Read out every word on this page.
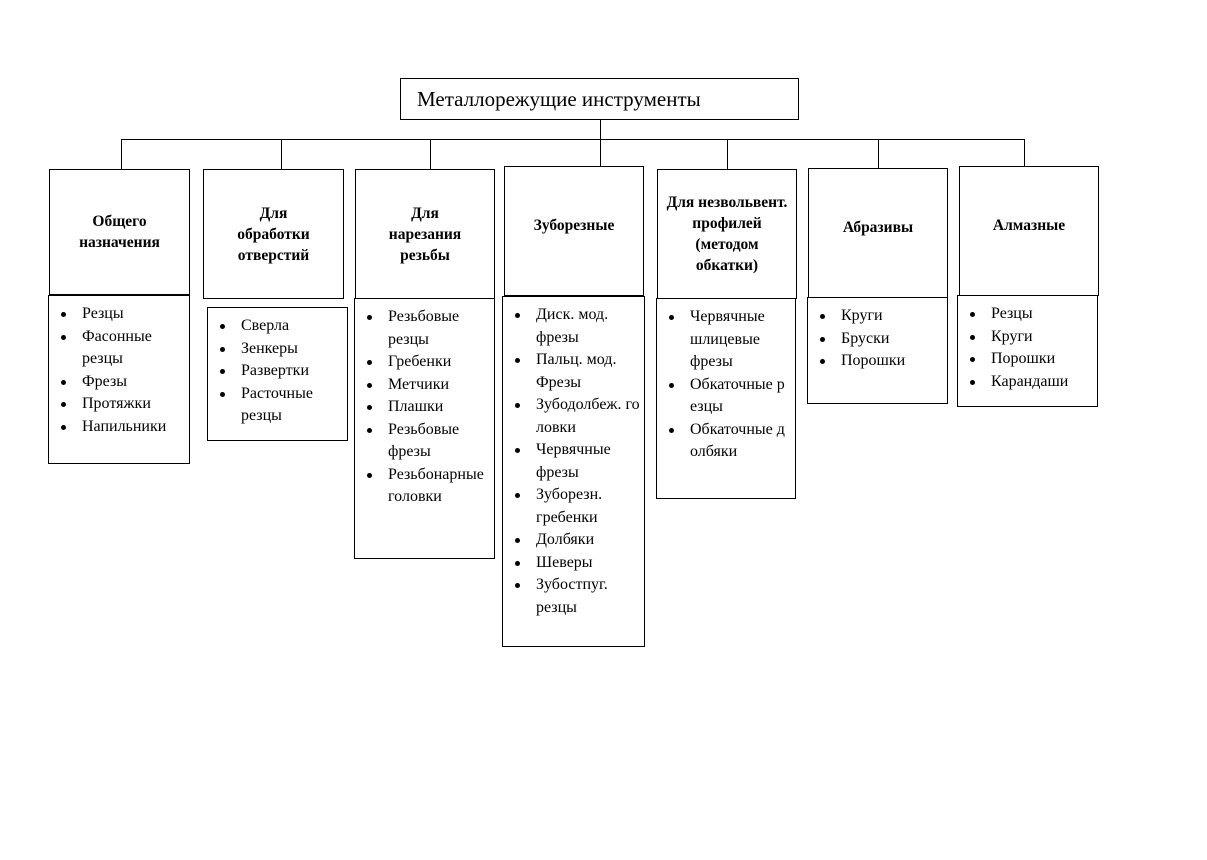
Металлорежущие инструменты
Общего назначения
Резцы
Фасонные резцы
Фрезы
Протяжки
Напильники
Для обработки отверстий
Сверла
Зенкеры
Развертки
Расточные резцы
Для нарезания резьбы
Резьбовые резцы
Гребенки
Метчики
Плашки
Резьбовые фрезы
Резьбонарные головки
Зуборезные
Диск. мод. фрезы
Пальц. мод. Фрезы
Зубодолбеж. головки
Червячные фрезы
Зуборезн. гребенки
Долбяки
Шеверы
Зубостпуг. резцы
Для незвольвент. профилей (методом обкатки)
Червячные шлицевые фрезы
Обкаточные резцы
Обкаточные долбяки
Абразивы
Круги
Бруски
Порошки
Алмазные
Резцы
Круги
Порошки
Карандаши
